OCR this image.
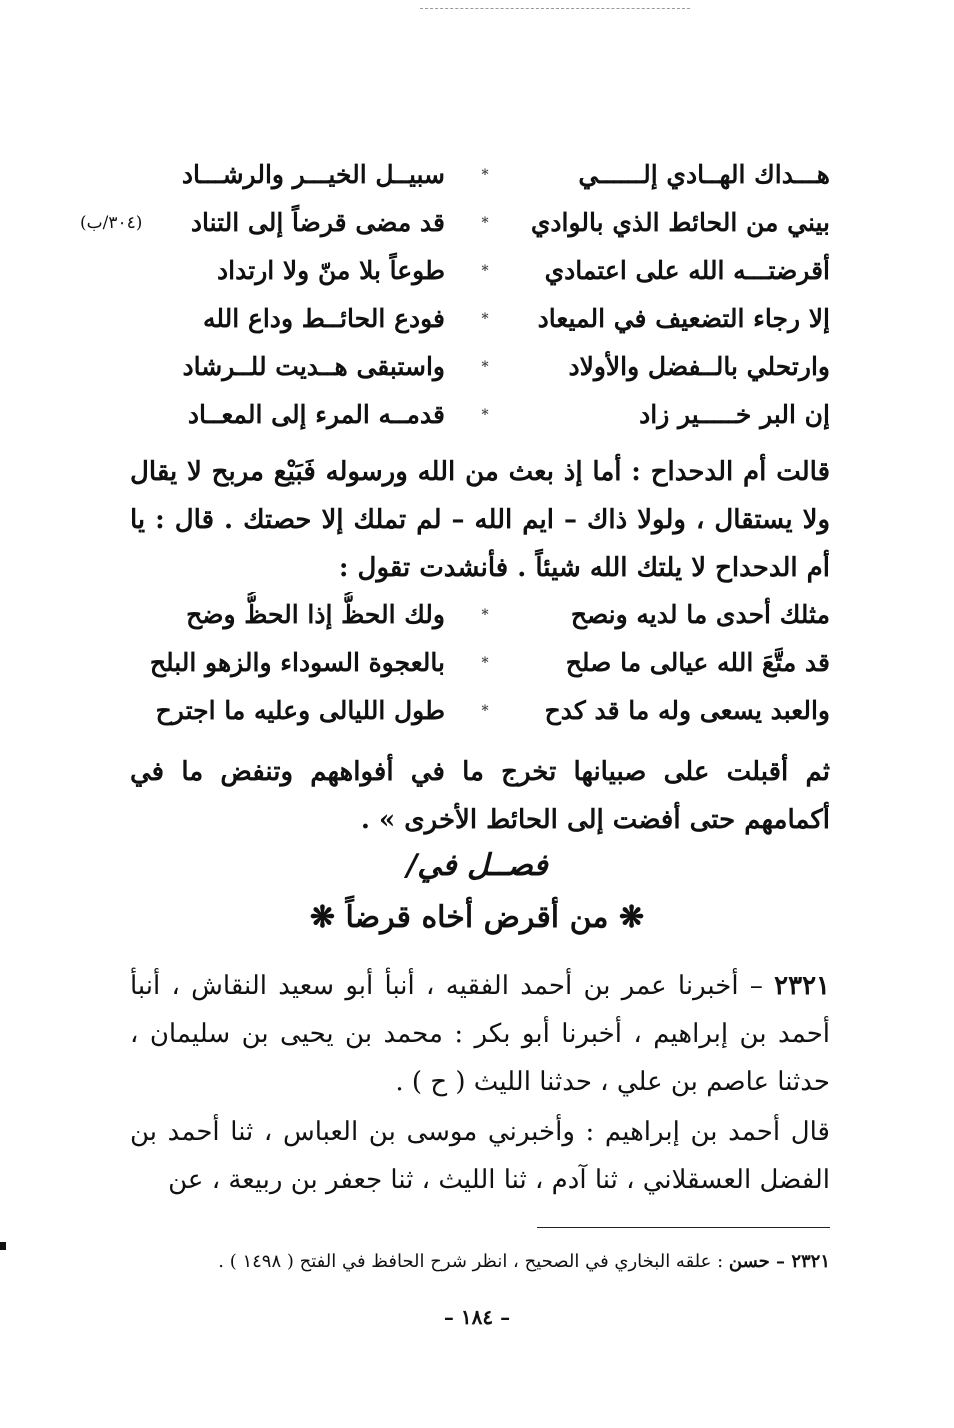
هـــداك الهــادي إلــــــي
*
سبيــل الخيـــر والرشـــاد
بيني من الحائط الذي بالوادي
*
قد مضى قرضاً إلى التناد
(٣٠٤/ب)
أقرضتـــه الله على اعتمادي
*
طوعاً بلا منّ ولا ارتداد
إلا رجاء التضعيف في الميعاد
*
فودع الحائــط وداع الله
وارتحلي بالــفضل والأولاد
*
واستبقى هــديت للــرشاد
إن البر خـــــير زاد
*
قدمــه المرء إلى المعــاد
قالت أم الدحداح : أما إذ بعث من الله ورسوله فَبَيْع مربح لا يقال ولا يستقال ، ولولا ذاك – ايم الله – لم تملك إلا حصتك . قال : يا أم الدحداح لا يلتك الله شيئاً . فأنشدت تقول :
مثلك أحدى ما لديه ونصح
*
ولك الحظُّ إذا الحظُّ وضح
قد متَّعَ الله عيالى ما صلح
*
بالعجوة السوداء والزهو البلح
والعبد يسعى وله ما قد كدح
*
طول الليالى وعليه ما اجترح
ثم أقبلت على صبيانها تخرج ما في أفواههم وتنفض ما في أكمامهم حتى أفضت إلى الحائط الأخرى » .
فصــل في/
❋ من أقرض أخاه قرضاً ❋
٢٣٢١ – أخبرنا عمر بن أحمد الفقيه ، أنبأ أبو سعيد النقاش ، أنبأ أحمد بن إبراهيم ، أخبرنا أبو بكر : محمد بن يحيى بن سليمان ، حدثنا عاصم بن علي ، حدثنا الليث ( ح ) .
قال أحمد بن إبراهيم : وأخبرني موسى بن العباس ، ثنا أحمد بن الفضل العسقلاني ، ثنا آدم ، ثنا الليث ، ثنا جعفر بن ربيعة ، عن
٢٣٢١ – حسن : علقه البخاري في الصحيح ، انظر شرح الحافظ في الفتح ( ١٤٩٨ ) .
– ١٨٤ –
